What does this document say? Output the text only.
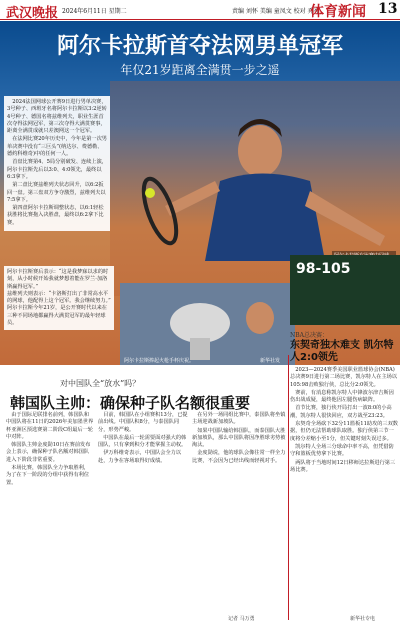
武汉晚报 2024年6月11日 星期二	责编 刘怀 美编 童凤文 校对 乔亮
体育新闻 13
阿尔卡拉斯首夺法网男单冠军
年仅21岁距离全满贯一步之遥

2024法国网球公开赛9日进行男单决赛，3号种子、西班牙名将阿尔卡拉斯以3:2逆转4号种子、德国名将兹维列夫，职业生涯首次夺得法网冠军，第三次夺得大满贯赛事，距离全满贯成就只差澳网这一个冠军。

在法网比赛20年历史中，今年是第一次男单决赛中没有“三巨头”(纳达尔、费德勒、德约科维奇)中的任何一人。

首盘比赛第4、5局分别破发、连续上演，阿尔卡拉斯先后以3:0、4:0领先，最终以6:3拿下。

第二盘比赛兹维列夫状态回升，以6:2扳回一盘。第三盘双方争夺激烈，兹维列夫以7:5拿下。

第四盘阿尔卡拉斯调整状态，以6:1轻松获胜将比赛拖入决胜盘，最终以6:2拿下比赛。

阿尔卡拉斯赛后表示：“这是我梦寐以求的时刻，从小时候开始我就梦想着能在罗兰·加洛斯赢得冠军。”

兹维列夫则表示：“卡洛斯打出了非常高水平的网球，他配得上这个冠军。我会继续努力。”

阿尔卡拉斯今年21岁，是公开赛时代以来在三种不同场地都赢得大满贯冠军的最年轻球员。

阿尔卡拉斯捧起火枪手杯庆祝。	新华社发
98-105
NBA总决赛：
东契奇独木难支 凯尔特人2:0领先

2023—2024赛季美国职业篮球协会(NBA)总决赛9日进行第二场比赛，凯尔特人在主场以105:98击败独行侠，总比分2:0领先。

赛前，有消息称凯尔特人中锋波尔津吉斯因伤出战成疑，最终他因左腿伤病缺阵。

首节比赛，独行侠开局打出一波8:0的小高潮，凯尔特人很快回应，双方战至23:23。

东契奇全场砍下32分11篮板11助攻的三双数据，但仍无法帮助球队取胜。独行侠第三节一度将分差缩小至1分，但关键时刻失误过多。

凯尔特人全场三分球命中率不高，但凭借防守和篮板优势拿下比赛。

两队将于当地时间12日移师达拉斯进行第三场比赛。

新华社专电
对中国队全“放水”吗？
韩国队主帅：确保种子队名额很重要

由于国际足联排名前列，韩国队和中国队将在11日的2026年美加墨世界杯亚洲区预选赛第二阶段C组最后一轮中对阵。

韩国队主帅金度勋10日在赛前发布会上表示，确保种子队名额对韩国队进入下阶段非常重要。

本场比赛，韩国队全力争取胜利，为了在下一阶段的分组中获得有利位置。

目前，韩国队在小组赛积13分，已提前出线。中国队积8分，与泰国队同分，形势严峻。

中国队在最后一轮需要面对强大的韩国队，只有拿到积分才能掌握主动权。

伊万科维奇表示，中国队会全力以赴，力争在客场取得好成绩。

在另外一场同组比赛中，泰国队将坐镇主场迎战新加坡队。

如果中国队输给韩国队，而泰国队大胜新加坡队，那么中国队将因净胜球劣势被淘汰。

金度勋说，他的球队会像往常一样全力比赛，不会因为已经出线而轻视对手。

记者 马万勇
